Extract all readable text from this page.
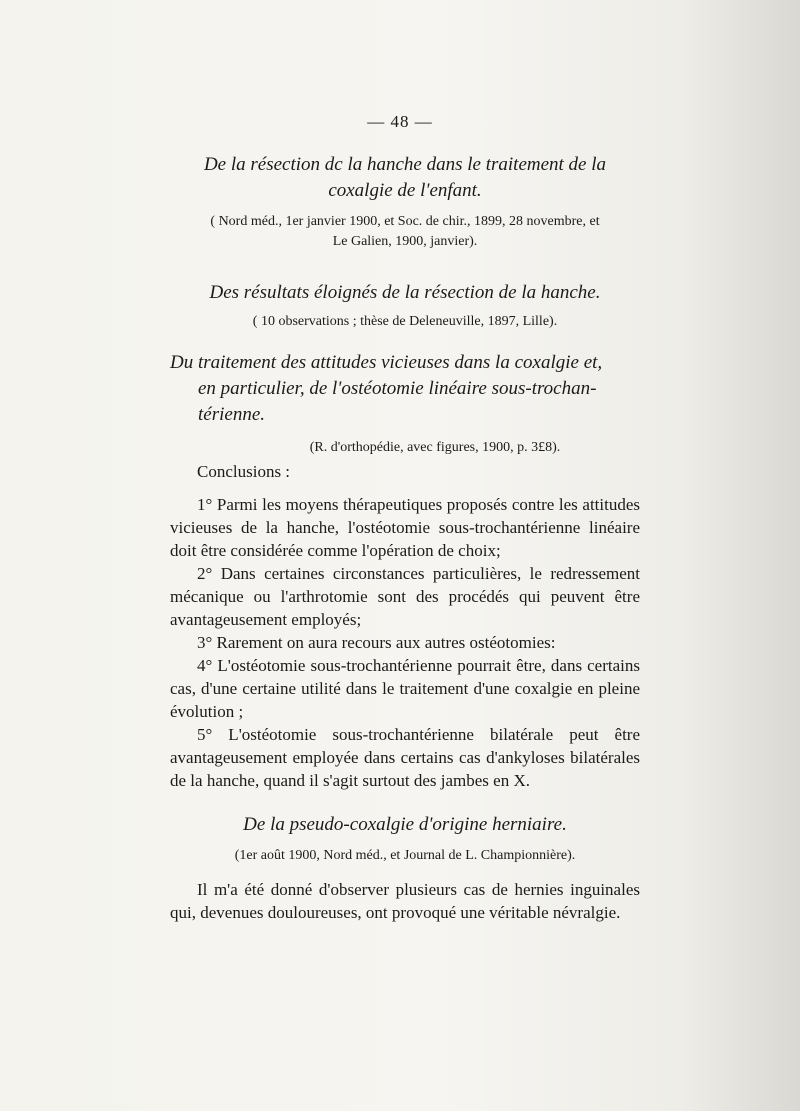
— 48 —
De la résection dc la hanche dans le traitement de la
coxalgie de l'enfant.
( Nord méd., 1er janvier 1900, et Soc. de chir., 1899, 28 novembre, et
Le Galien, 1900, janvier).
Des résultats éloignés de la résection de la hanche.
( 10 observations ; thèse de Deleneuville, 1897, Lille).
Du traitement des attitudes vicieuses dans la coxalgie et,
en particulier, de l'ostéotomie linéaire sous-trochan-
térienne.
(R. d'orthopédie, avec figures, 1900, p. 3£8).

Conclusions :

1° Parmi les moyens thérapeutiques proposés contre les attitudes vicieuses de la hanche, l'ostéotomie sous-trochantérienne linéaire doit être considérée comme l'opération de choix;

2° Dans certaines circonstances particulières, le redressement mécanique ou l'arthrotomie sont des procédés qui peuvent être avantageusement employés;

3° Rarement on aura recours aux autres ostéotomies:

4° L'ostéotomie sous-trochantérienne pourrait être, dans certains cas, d'une certaine utilité dans le traitement d'une coxalgie en pleine évolution ;

5° L'ostéotomie sous-trochantérienne bilatérale peut être avantageusement employée dans certains cas d'ankyloses bilatérales de la hanche, quand il s'agit surtout des jambes en X.

De la pseudo-coxalgie d'origine herniaire.
(1er août 1900, Nord méd., et Journal de L. Championnière).

Il m'a été donné d'observer plusieurs cas de hernies inguinales qui, devenues douloureuses, ont provoqué une véritable névralgie.
